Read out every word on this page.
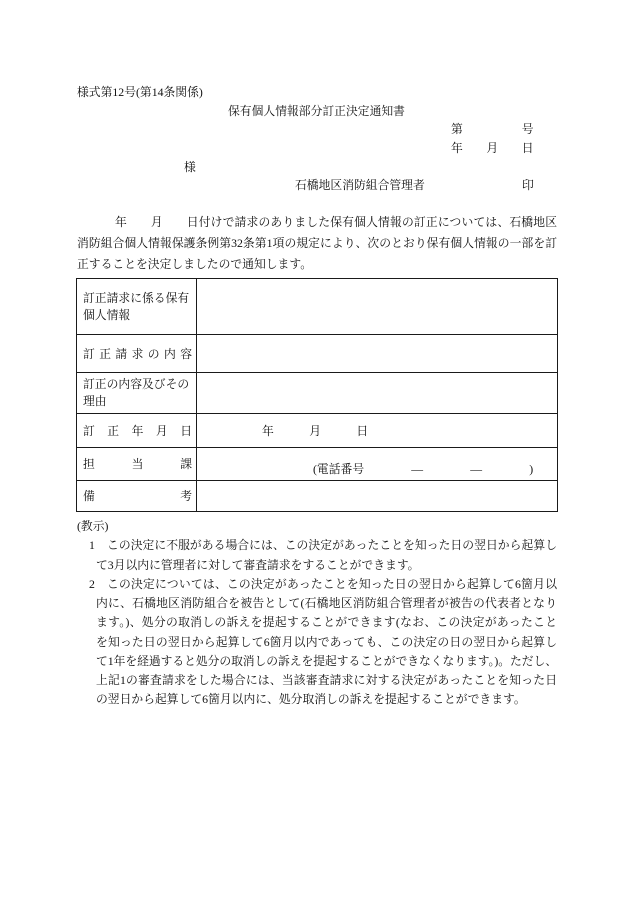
様式第12号(第14条関係)
保有個人情報部分訂正決定通知書
第　　　　　号
年　　月　　日
様
石橋地区消防組合管理者	印
年　　月　　日付けで請求のありました保有個人情報の訂正については、石橋地区
消防組合個人情報保護条例第32条第1項の規定により、次のとおり保有個人情報の一部を訂
正することを決定しましたので通知します。
訂正請求に係る保有
個人情報	

訂正請求の内容	

訂正の内容及びその
理由	

訂正年月日	年　　　月　　　日

担当課	(電話番号　　　　—　　　　—　　　　)

備考	

(教示)
1 この決定に不服がある場合には、この決定があったことを知った日の翌日から起算し
て3月以内に管理者に対して審査請求をすることができます。
2 この決定については、この決定があったことを知った日の翌日から起算して6箇月以
内に、石橋地区消防組合を被告として(石橋地区消防組合管理者が被告の代表者となり
ます。)、処分の取消しの訴えを提起することができます(なお、この決定があったこと
を知った日の翌日から起算して6箇月以内であっても、この決定の日の翌日から起算し
て1年を経過すると処分の取消しの訴えを提起することができなくなります。)。ただし、
上記1の審査請求をした場合には、当該審査請求に対する決定があったことを知った日
の翌日から起算して6箇月以内に、処分取消しの訴えを提起することができます。
